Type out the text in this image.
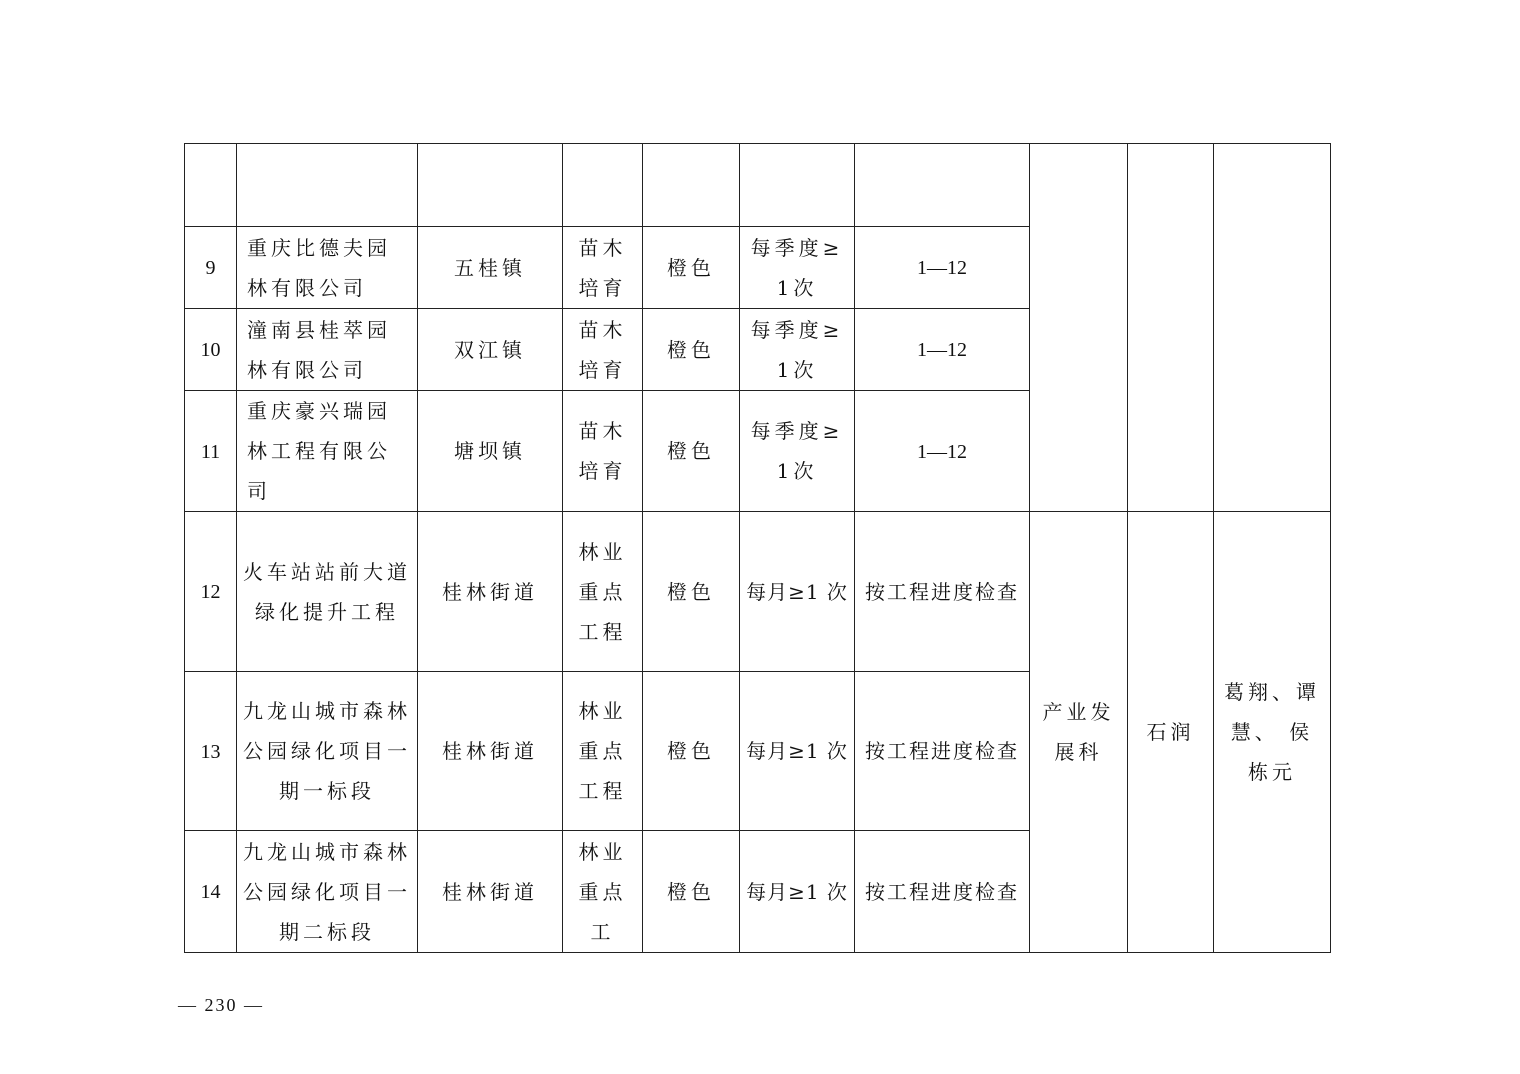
9	重庆比德夫园林有限公司	五桂镇	苗木培育	橙色	每季度≥1次	1—12			
10	潼南县桂萃园林有限公司	双江镇	苗木培育	橙色	每季度≥1次	1—12			
11	重庆豪兴瑞园林工程有限公司	塘坝镇	苗木培育	橙色	每季度≥1次	1—12			
12	火车站站前大道绿化提升工程	桂林街道	林业重点工程	橙色	每月≥1 次	按工程进度检查	产业发展科	石润	葛翔、谭慧、 侯栋元
13	九龙山城市森林公园绿化项目一期一标段	桂林街道	林业重点工程	橙色	每月≥1 次	按工程进度检查			
14	九龙山城市森林公园绿化项目一期二标段	桂林街道	林业重点工	橙色	每月≥1 次	按工程进度检查			
— 230 —
